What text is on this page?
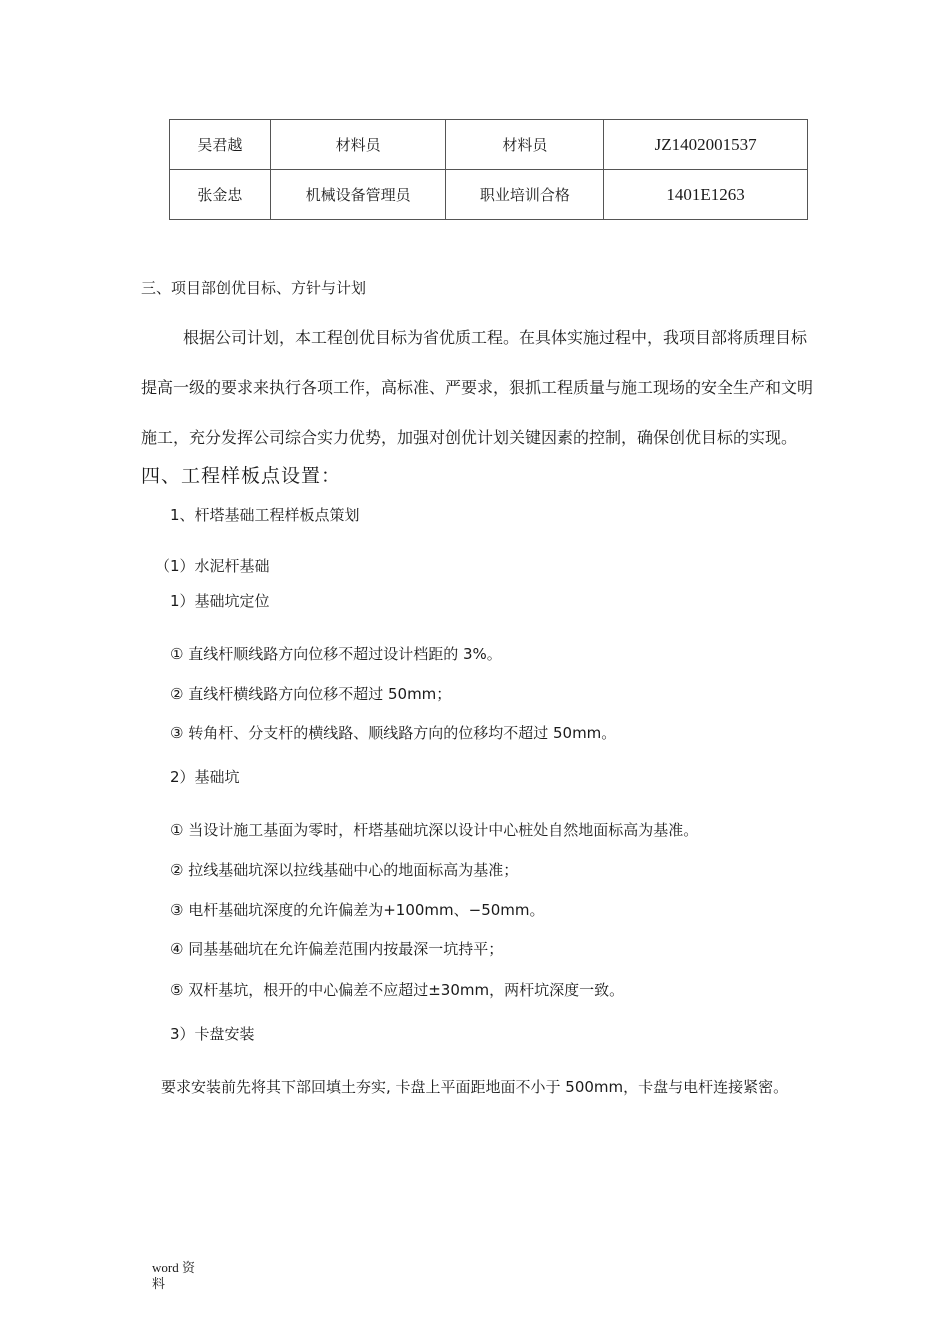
吴君越	材料员	材料员	JZ1402001537
张金忠	机械设备管理员	职业培训合格	1401E1263
三、项目部创优目标、方针与计划
根据公司计划，本工程创优目标为省优质工程。在具体实施过程中，我项目部将质理目标
提高一级的要求来执行各项工作，高标准、严要求，狠抓工程质量与施工现场的安全生产和文明
施工，充分发挥公司综合实力优势，加强对创优计划关键因素的控制，确保创优目标的实现。
四、工程样板点设置：
1、杆塔基础工程样板点策划
（1）水泥杆基础
1）基础坑定位
① 直线杆顺线路方向位移不超过设计档距的 3%。
② 直线杆横线路方向位移不超过 50mm；
③ 转角杆、分支杆的横线路、顺线路方向的位移均不超过 50mm。
2）基础坑
① 当设计施工基面为零时，杆塔基础坑深以设计中心桩处自然地面标高为基准。
② 拉线基础坑深以拉线基础中心的地面标高为基准；
③ 电杆基础坑深度的允许偏差为+100mm、−50mm。
④ 同基基础坑在允许偏差范围内按最深一坑持平；
⑤ 双杆基坑，根开的中心偏差不应超过±30mm，两杆坑深度一致。
3）卡盘安装
要求安装前先将其下部回填土夯实, 卡盘上平面距地面不小于 500mm，卡盘与电杆连接紧密。
word 资
料
